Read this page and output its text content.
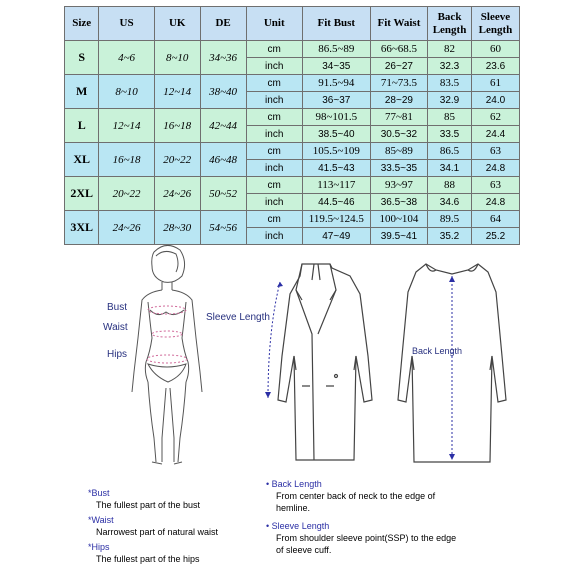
Size	US	UK	DE	Unit	Fit Bust	Fit Waist	Back Length	Sleeve Length
S	4~6	8~10	34~36	cm	86.5~89	66~68.5	82	60
				inch	34~35	26~27	32.3	23.6
M	8~10	12~14	38~40	cm	91.5~94	71~73.5	83.5	61
				inch	36~37	28~29	32.9	24.0
L	12~14	16~18	42~44	cm	98~101.5	77~81	85	62
				inch	38.5~40	30.5~32	33.5	24.4
XL	16~18	20~22	46~48	cm	105.5~109	85~89	86.5	63
				inch	41.5~43	33.5~35	34.1	24.8
2XL	20~22	24~26	50~52	cm	113~117	93~97	88	63
				inch	44.5~46	36.5~38	34.6	24.8
3XL	24~26	28~30	54~56	cm	119.5~124.5	100~104	89.5	64
				inch	47~49	39.5~41	35.2	25.2
Bust
Waist
Hips
Sleeve Length
Back Length
*Bust
The fullest part of the bust
*Waist
Narrowest part of natural waist
*Hips
The fullest part of the hips
• Back Length
From center back of neck to the edge of
hemline.
• Sleeve Length
From shoulder sleeve point(SSP) to the edge
of sleeve cuff.
